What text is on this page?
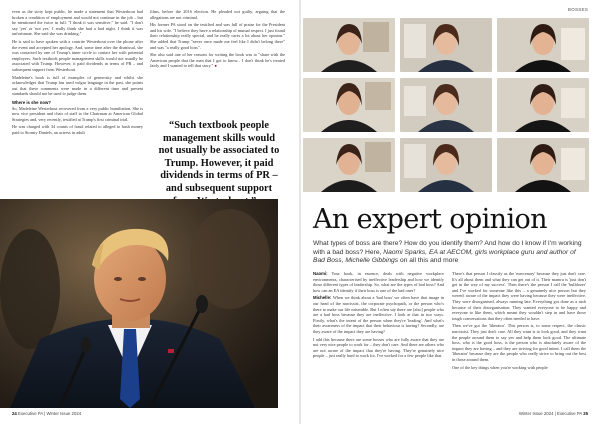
even as the story kept public, he made a statement that Westerhout had broken a condition of employment and would not continue in the job – but he mentioned the twice in full. "I think it was sensitive," he said. "I don't say 'yes' or 'not yes.' I really think she had a bad night. I think it was unfortunate. She said she was drinking."

He is said to have spoken with a contrite Westerhout over the phone after the event and accepted her apology. And, some time after the dismissal, she was contacted by one of Trump's inner circle to contact her with potential employers. Such textbook people management skills would not usually be associated with Trump. However, it paid dividends in terms of PR – and subsequent support from Westerhout.

Madeleine's book is full of examples of generosity and whilst she acknowledges that Trump has used vulgar language in the past, she points out that these comments were made in a different time and present standards should not be used to judge them.

Where is she now?

So, Madeleine Westerhout recovered from a very public humiliation. She is now vice president and chair of staff to the Chairman at American Global Strategies and, very recently, testified at Trump's first criminal trial.

He was charged with 34 counts of fraud related to alleged to hush money paid to Stormy Daniels, an actress in adult

films, before the 2016 election. He pleaded not guilty, arguing that the allegations are not criminal.

His former PA stood on the testified and was full of praise for the President and his wife. "I believe they have a relationship of mutual respect. I just found their relationship really special, and he really cares a lot about her opinion." She added that Trump "never once made me feel like I didn't belong there" and was "a really good boss".

She also said one of her reasons for writing the book was to "share with the American people that the man that I got to know... I don't think he's treated fairly and I wanted to tell that story." ●

“Such textbook people management skills would not usually be associated to Trump. However, it paid dividends in terms of PR – and subsequent support
24 Executive PA | Winter Issue 2024
BOSSES
An expert opinion
What types of boss are there? How do you identify them? And how do I know if I'm working with a bad boss? Here, Naomi Sparks, EA at AECOM, girls workplace guru and author of Bad Boss, Michelle Gibbings on all this and more

Naomi: Your book, in essence, deals with negative workplace environments, characterised by ineffective leadership and how we identify those different types of leadership. So, what are the types of bad boss? And how can an EA identify if their boss is one of the bad ones?

Michelle: When we think about a 'bad boss' we often have that image in our head of the narcissist, the corporate psychopath, or the person who's there to make our life miserable. But I often say there are [also] people who are a bad boss because they are ineffective. I look at that in two ways. Firstly, what's the intent of the person when they're 'leading'. And what's their awareness of the impact that their behaviour is having? Secondly, are they aware of the impact they are having?

I add this because there are some bosses who are fully aware that they are not very nice people to work for – they don't care. And there are others who are not aware of the impact that they're having. They're genuinely nice people – just really hard to work for. I've worked for a few people like that.

There's that person I classify as the 'mercenary' because they just don't care. It's all about them and what they can get out of it. Their mantra is 'just don't get in the way of my success'. Then there's the person I call the 'bulldozer' and I've worked for someone like this – a genuinely nice person but they weren't aware of the impact they were having because they were ineffective. They were disorganised, always running late. Everything got done as a rush because of their disorganisation. They wanted everyone to be happy and everyone to like them, which meant they wouldn't step in and have those tough conversations that they often needed to have.

Then we've got the 'liberator'. This person is, to some respect, the classic narcissist. They just don't care. All they want is to look good, and they want the people around them to say yes and help them look good. The ultimate boss, who is the good boss, is the person who is absolutely aware of the impact they are having – and they are striving for good intent. I call them the 'liberator' because they are the people who really strive to bring out the best in those around them.

One of the key things when you're working with people

Winter Issue 2024 | Executive PA 25
